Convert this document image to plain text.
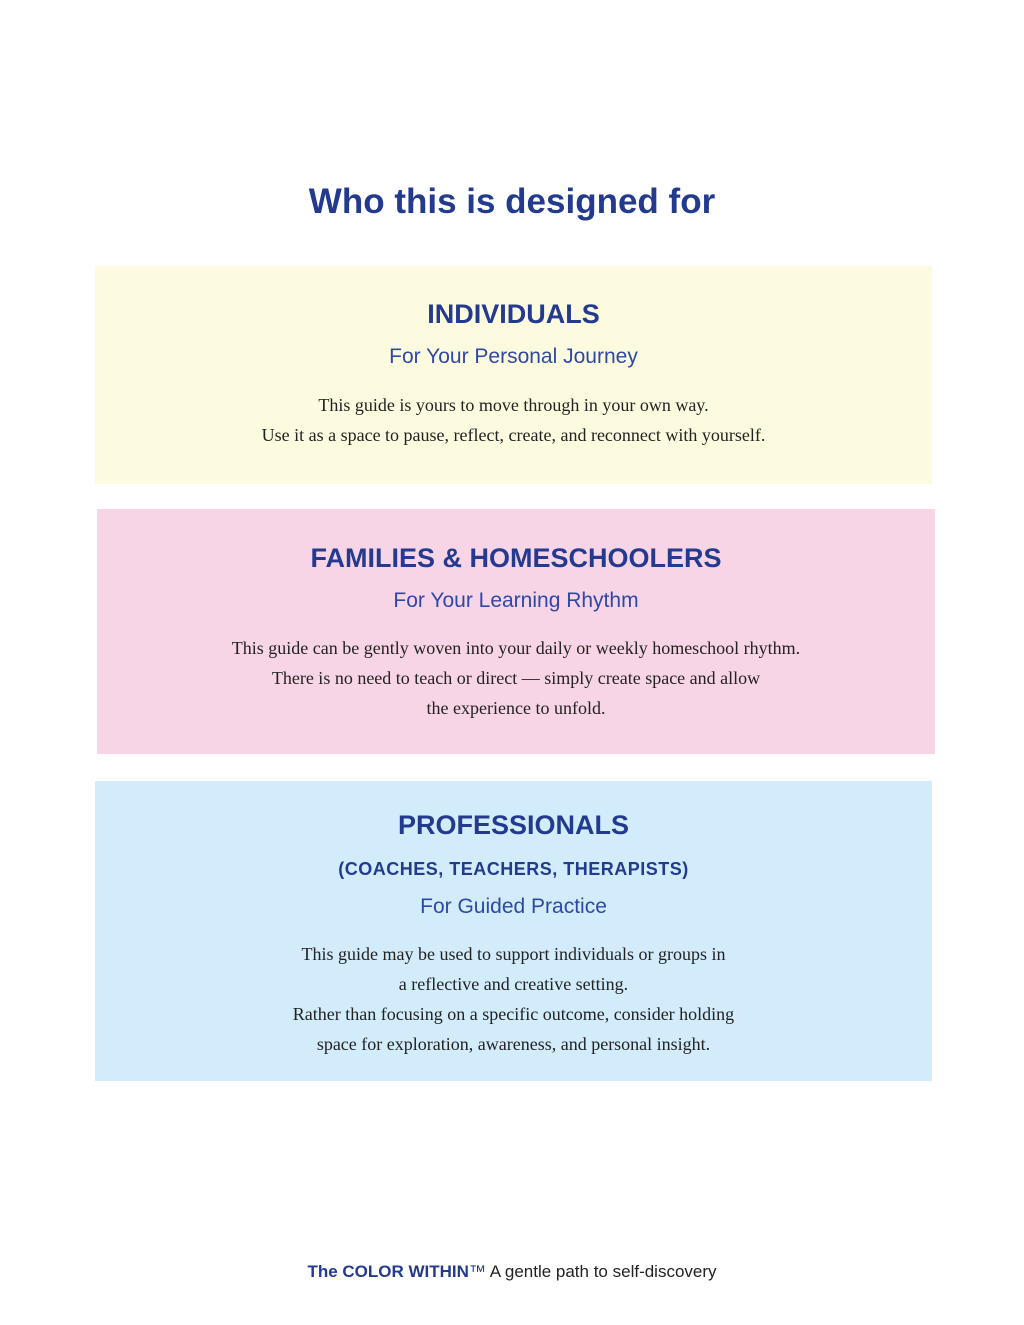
Who this is designed for
INDIVIDUALS
For Your Personal Journey
This guide is yours to move through in your own way.
Use it as a space to pause, reflect, create, and reconnect with yourself.
FAMILIES & HOMESCHOOLERS
For Your Learning Rhythm
This guide can be gently woven into your daily or weekly homeschool rhythm.
There is no need to teach or direct — simply create space and allow
the experience to unfold.
PROFESSIONALS
(COACHES, TEACHERS, THERAPISTS)
For Guided Practice
This guide may be used to support individuals or groups in
a reflective and creative setting.
Rather than focusing on a specific outcome, consider holding
space for exploration, awareness, and personal insight.
The COLOR WITHIN™ A gentle path to self-discovery
